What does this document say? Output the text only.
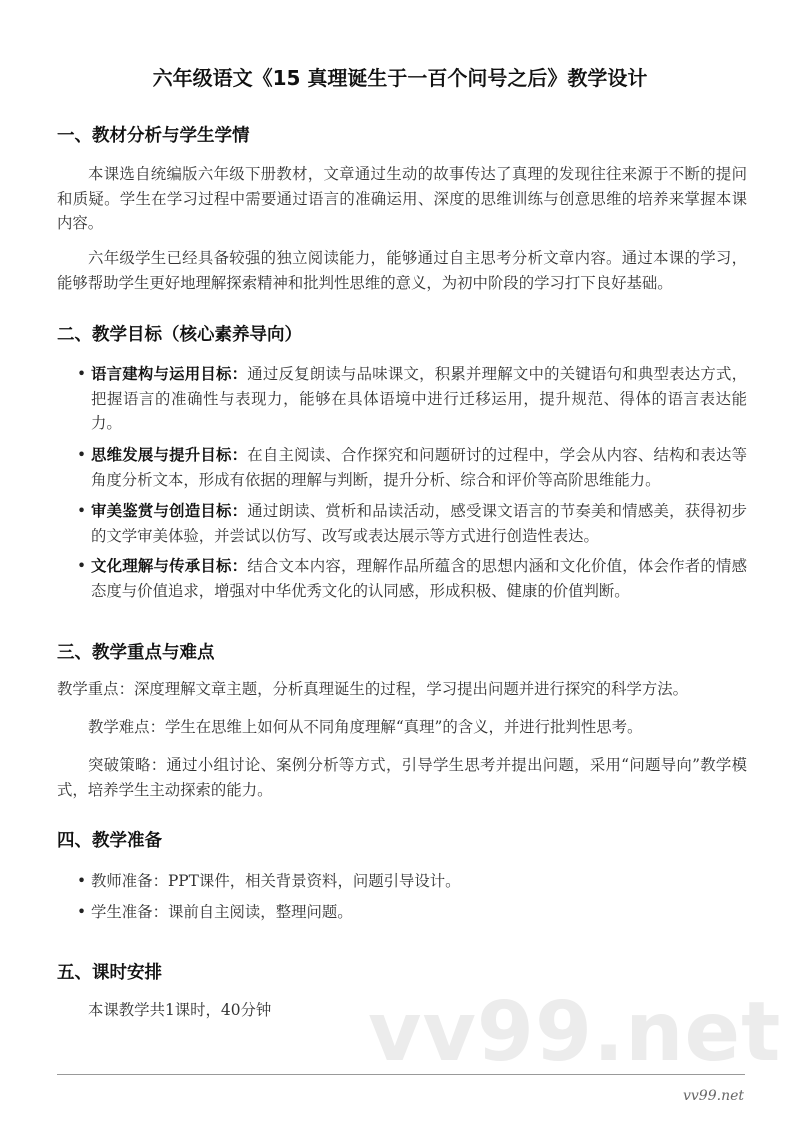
六年级语文《15 真理诞生于一百个问号之后》教学设计
一、教材分析与学生学情
本课选自统编版六年级下册教材，文章通过生动的故事传达了真理的发现往往来源于不断的提问和质疑。学生在学习过程中需要通过语言的准确运用、深度的思维训练与创意思维的培养来掌握本课内容。
六年级学生已经具备较强的独立阅读能力，能够通过自主思考分析文章内容。通过本课的学习，能够帮助学生更好地理解探索精神和批判性思维的意义，为初中阶段的学习打下良好基础。
二、教学目标（核心素养导向）
• 语言建构与运用目标：通过反复朗读与品味课文，积累并理解文中的关键语句和典型表达方式，把握语言的准确性与表现力，能够在具体语境中进行迁移运用，提升规范、得体的语言表达能力。
• 思维发展与提升目标：在自主阅读、合作探究和问题研讨的过程中，学会从内容、结构和表达等角度分析文本，形成有依据的理解与判断，提升分析、综合和评价等高阶思维能力。
• 审美鉴赏与创造目标：通过朗读、赏析和品读活动，感受课文语言的节奏美和情感美，获得初步的文学审美体验，并尝试以仿写、改写或表达展示等方式进行创造性表达。
• 文化理解与传承目标：结合文本内容，理解作品所蕴含的思想内涵和文化价值，体会作者的情感态度与价值追求，增强对中华优秀文化的认同感，形成积极、健康的价值判断。
三、教学重点与难点
教学重点：深度理解文章主题，分析真理诞生的过程，学习提出问题并进行探究的科学方法。
教学难点：学生在思维上如何从不同角度理解“真理”的含义，并进行批判性思考。
突破策略：通过小组讨论、案例分析等方式，引导学生思考并提出问题，采用“问题导向”教学模式，培养学生主动探索的能力。
四、教学准备
• 教师准备：PPT课件，相关背景资料，问题引导设计。
• 学生准备：课前自主阅读，整理问题。
五、课时安排
本课教学共1课时，40分钟	vv99.net
vv99.net
